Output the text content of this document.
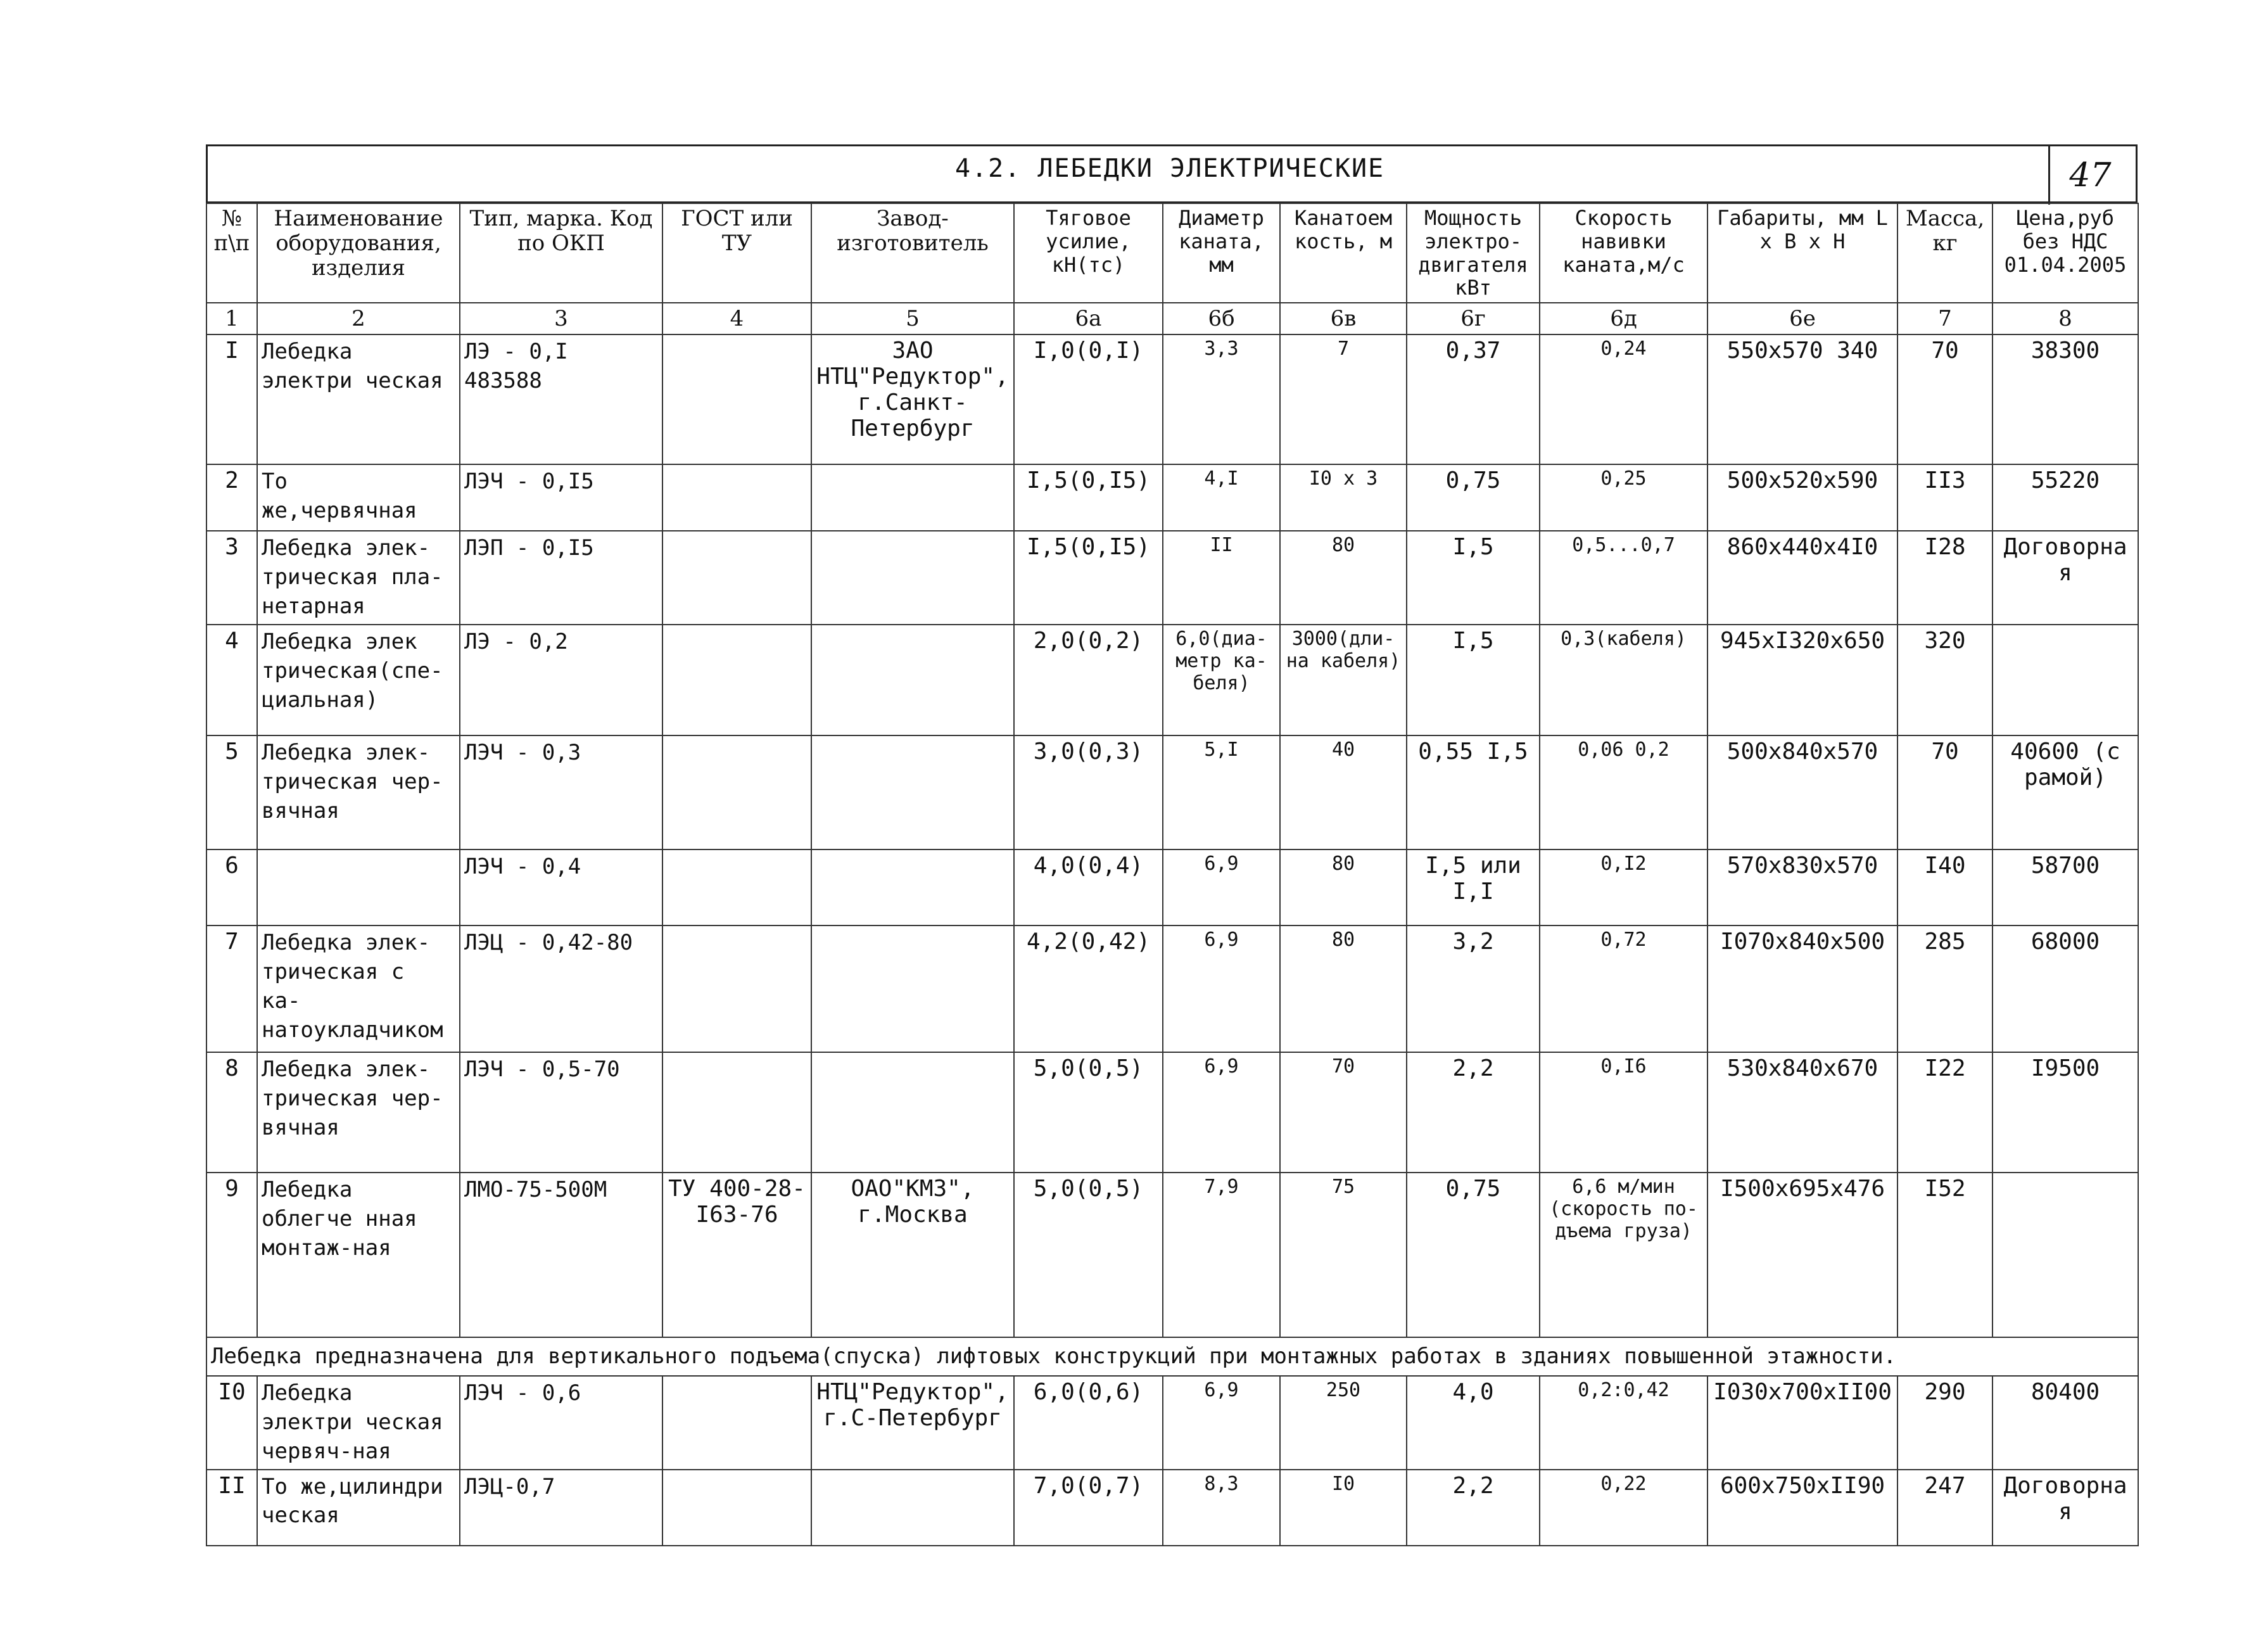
4.2. ЛЕБЕДКИ ЭЛЕКТРИЧЕСКИЕ	47
№ п\п	Наименование оборудования, изделия	Тип, марка. Код по ОКП	ГОСТ или ТУ	Завод-изготовитель	Тяговое усилие, кН(тс)	Диаметр каната, мм	Канатоем кость, м	Мощность электро-двигателя кВт	Скорость навивки каната,м/с	Габариты, мм L x B x H	Масса, кг	Цена,руб без НДС 01.04.2005
1	2	3	4	5	6а	6б	6в	6г	6д	6е	7	8
I	Лебедка электри ческая	ЛЭ - 0,I 483588		ЗАО НТЦ"Редуктор", г.Санкт-Петербург	I,0(0,I)	3,3	7	0,37	0,24	550x570 340	70	38300
2	То же,червячная	ЛЭЧ - 0,I5			I,5(0,I5)	4,I	I0 x 3	0,75	0,25	500x520x590	II3	55220
3	Лебедка элек-трическая пла-нетарная	ЛЭП - 0,I5			I,5(0,I5)	II	80	I,5	0,5...0,7	860x440x4I0	I28	Договорная
4	Лебедка элек трическая(спе-циальная)	ЛЭ - 0,2			2,0(0,2)	6,0(диа-метр ка-беля)	3000(дли-на кабеля)	I,5	0,3(кабеля)	945xI320x650	320	
5	Лебедка элек-трическая чер-вячная	ЛЭЧ - 0,3			3,0(0,3)	5,I	40	0,55 I,5	0,06 0,2	500x840x570	70	40600 (с рамой)
6		ЛЭЧ - 0,4			4,0(0,4)	6,9	80	I,5 или I,I	0,I2	570x830x570	I40	58700
7	Лебедка элек-трическая с ка-натоукладчиком	ЛЭЦ - 0,42-80			4,2(0,42)	6,9	80	3,2	0,72	I070x840x500	285	68000
8	Лебедка элек-трическая чер-вячная	ЛЭЧ - 0,5-70			5,0(0,5)	6,9	70	2,2	0,I6	530x840x670	I22	I9500
9	Лебедка облегче нная монтаж-ная	ЛМО-75-500М	ТУ 400-28-I63-76	ОАО"КМЗ", г.Москва	5,0(0,5)	7,9	75	0,75	6,6 м/мин (скорость по-дъема груза)	I500x695x476	I52	
Лебедка предназначена для вертикального подъема(спуска) лифтовых конструкций при монтажных работах в зданиях повышенной этажности.												
I0	Лебедка электри ческая червяч-ная	ЛЭЧ - 0,6		НТЦ"Редуктор", г.С-Петербург	6,0(0,6)	6,9	250	4,0	0,2:0,42	I030x700xII00	290	80400
II	То же,цилиндри ческая	ЛЭЦ-0,7			7,0(0,7)	8,3	I0	2,2	0,22	600x750xII90	247	Договорная
